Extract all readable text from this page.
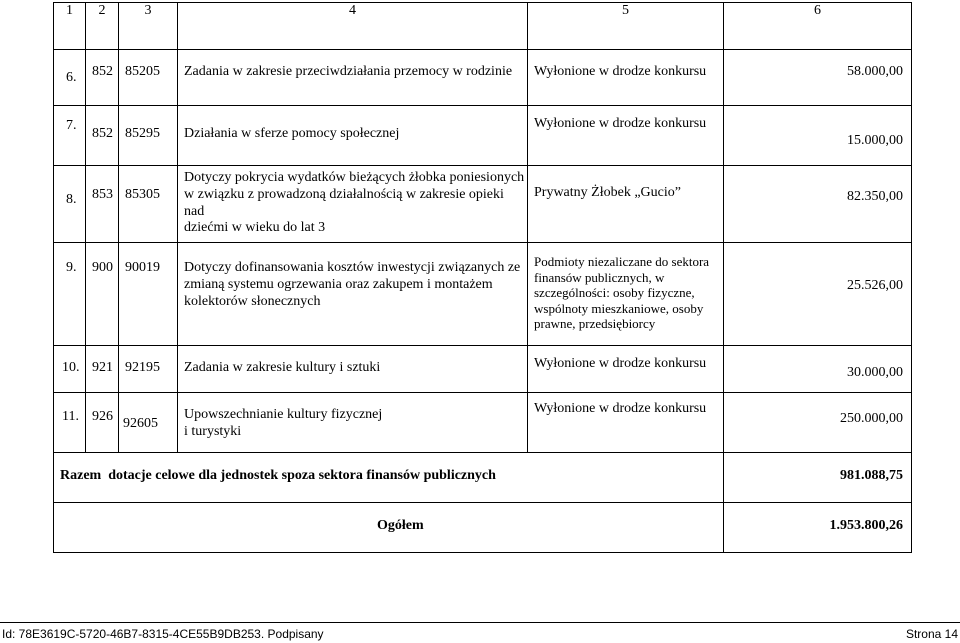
1	2	3	4	5	6
6.	852	85205	Zadania w zakresie przeciwdziałania przemocy w rodzinie	Wyłonione w drodze konkursu	58.000,00
7.	852	85295	Działania w sferze pomocy społecznej	Wyłonione w drodze konkursu	15.000,00
8.	853	85305	Dotyczy pokrycia wydatków bieżących żłobka poniesionych
w związku z prowadzoną działalnością w zakresie opieki nad
dziećmi w wieku do lat 3	Prywatny Żłobek „Gucio”	82.350,00
9.	900	90019	Dotyczy dofinansowania kosztów inwestycji związanych ze
zmianą systemu ogrzewania oraz zakupem i montażem
kolektorów słonecznych	Podmioty niezaliczane do sektora
finansów publicznych, w
szczególności: osoby fizyczne,
wspólnoty mieszkaniowe, osoby
prawne, przedsiębiorcy	25.526,00
10.	921	92195	Zadania w zakresie kultury i sztuki	Wyłonione w drodze konkursu	30.000,00
11.	926	92605	Upowszechnianie kultury fizycznej
i turystyki	Wyłonione w drodze konkursu	250.000,00
Razem  dotacje celowe dla jednostek spoza sektora finansów publicznych					981.088,75
Ogółem					1.953.800,26
Id: 78E3619C-5720-46B7-8315-4CE55B9DB253. Podpisany	Strona 14
